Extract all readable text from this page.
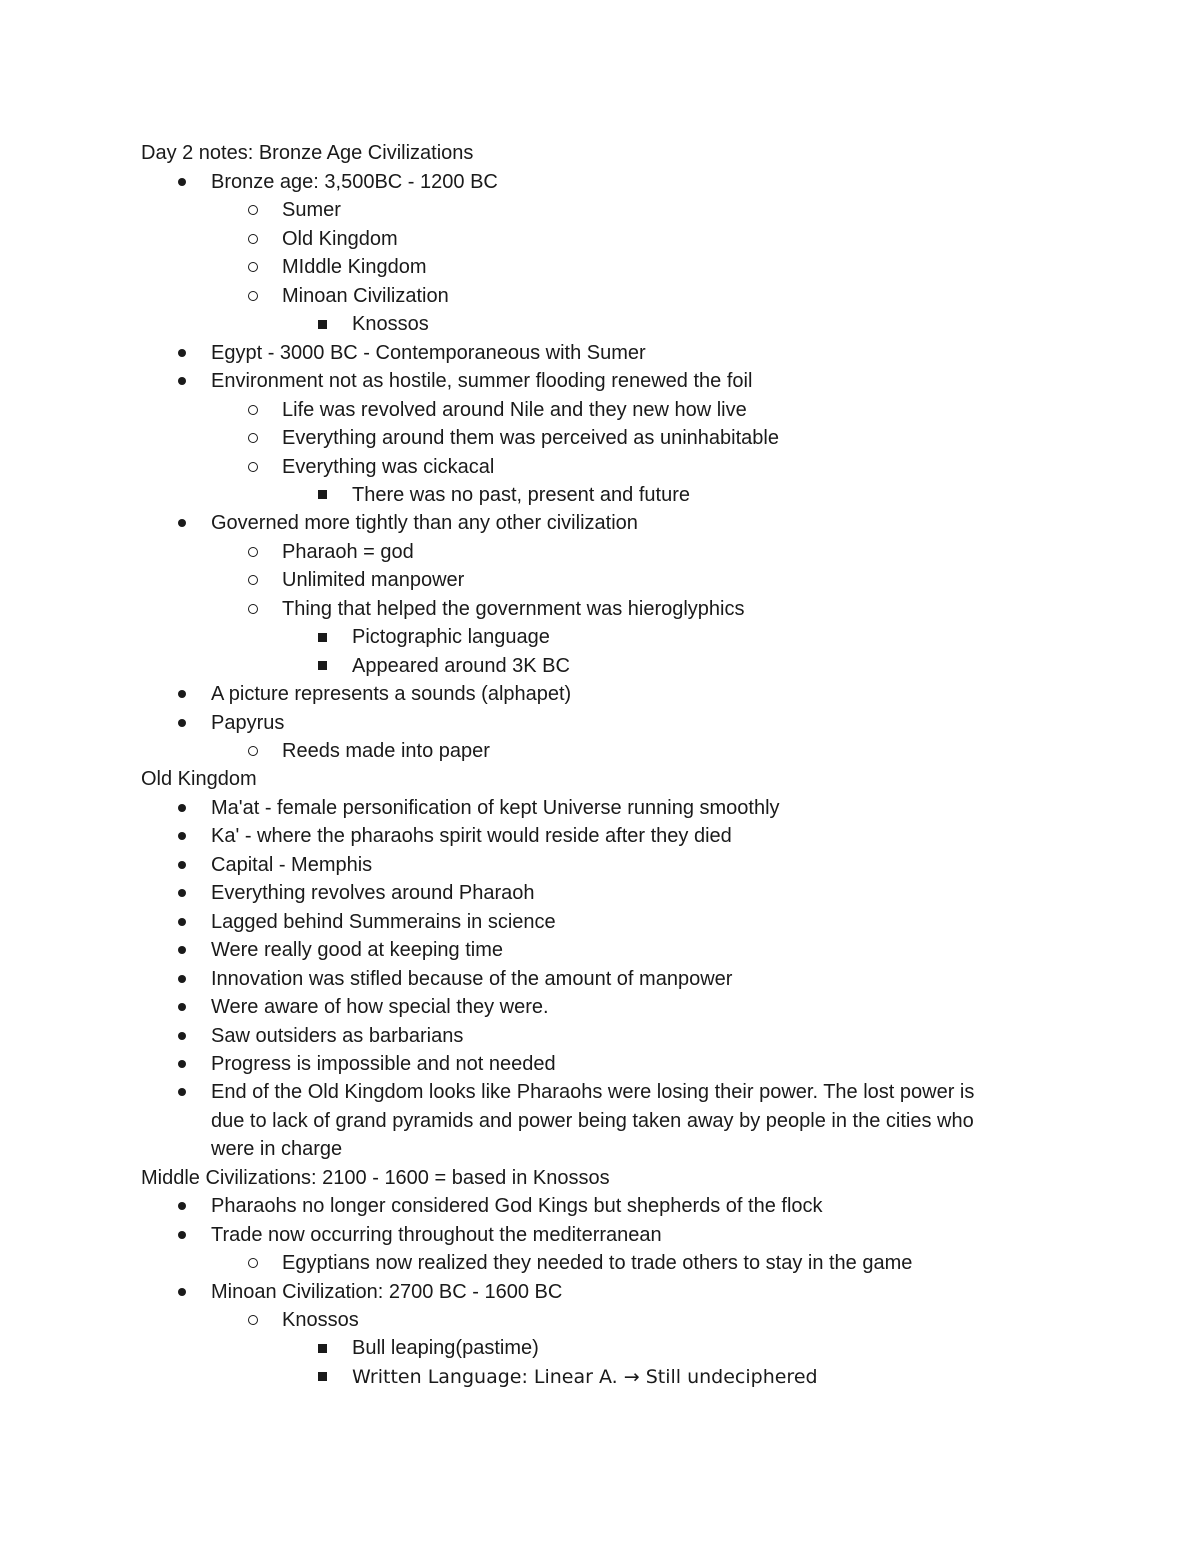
Day 2 notes: Bronze Age Civilizations
Bronze age: 3,500BC - 1200 BC
Sumer
Old Kingdom
MIddle Kingdom
Minoan Civilization
Knossos
Egypt - 3000 BC - Contemporaneous with Sumer
Environment not as hostile, summer flooding renewed the foil
Life was revolved around Nile and they new how live
Everything around them was perceived as uninhabitable
Everything was cickacal
There was no past, present and future
Governed more tightly than any other civilization
Pharaoh = god
Unlimited manpower
Thing that helped the government was hieroglyphics
Pictographic language
Appeared around 3K BC
A picture represents a sounds (alphapet)
Papyrus
Reeds made into paper
Old Kingdom
Ma'at - female personification of kept Universe running smoothly
Ka' - where the pharaohs spirit would reside after they died
Capital - Memphis
Everything revolves around Pharaoh
Lagged behind Summerains in science
Were really good at keeping time
Innovation was stifled because of the amount of manpower
Were aware of how special they were.
Saw outsiders as barbarians
Progress is impossible and not needed
End of the Old Kingdom looks like Pharaohs were losing their power. The lost power is
due to lack of grand pyramids and power being taken away by people in the cities who
were in charge
Middle Civilizations: 2100 - 1600 = based in Knossos
Pharaohs no longer considered God Kings but shepherds of the flock
Trade now occurring throughout the mediterranean
Egyptians now realized they needed to trade others to stay in the game
Minoan Civilization: 2700 BC - 1600 BC
Knossos
Bull leaping(pastime)
Written Language: Linear A. → Still undeciphered
